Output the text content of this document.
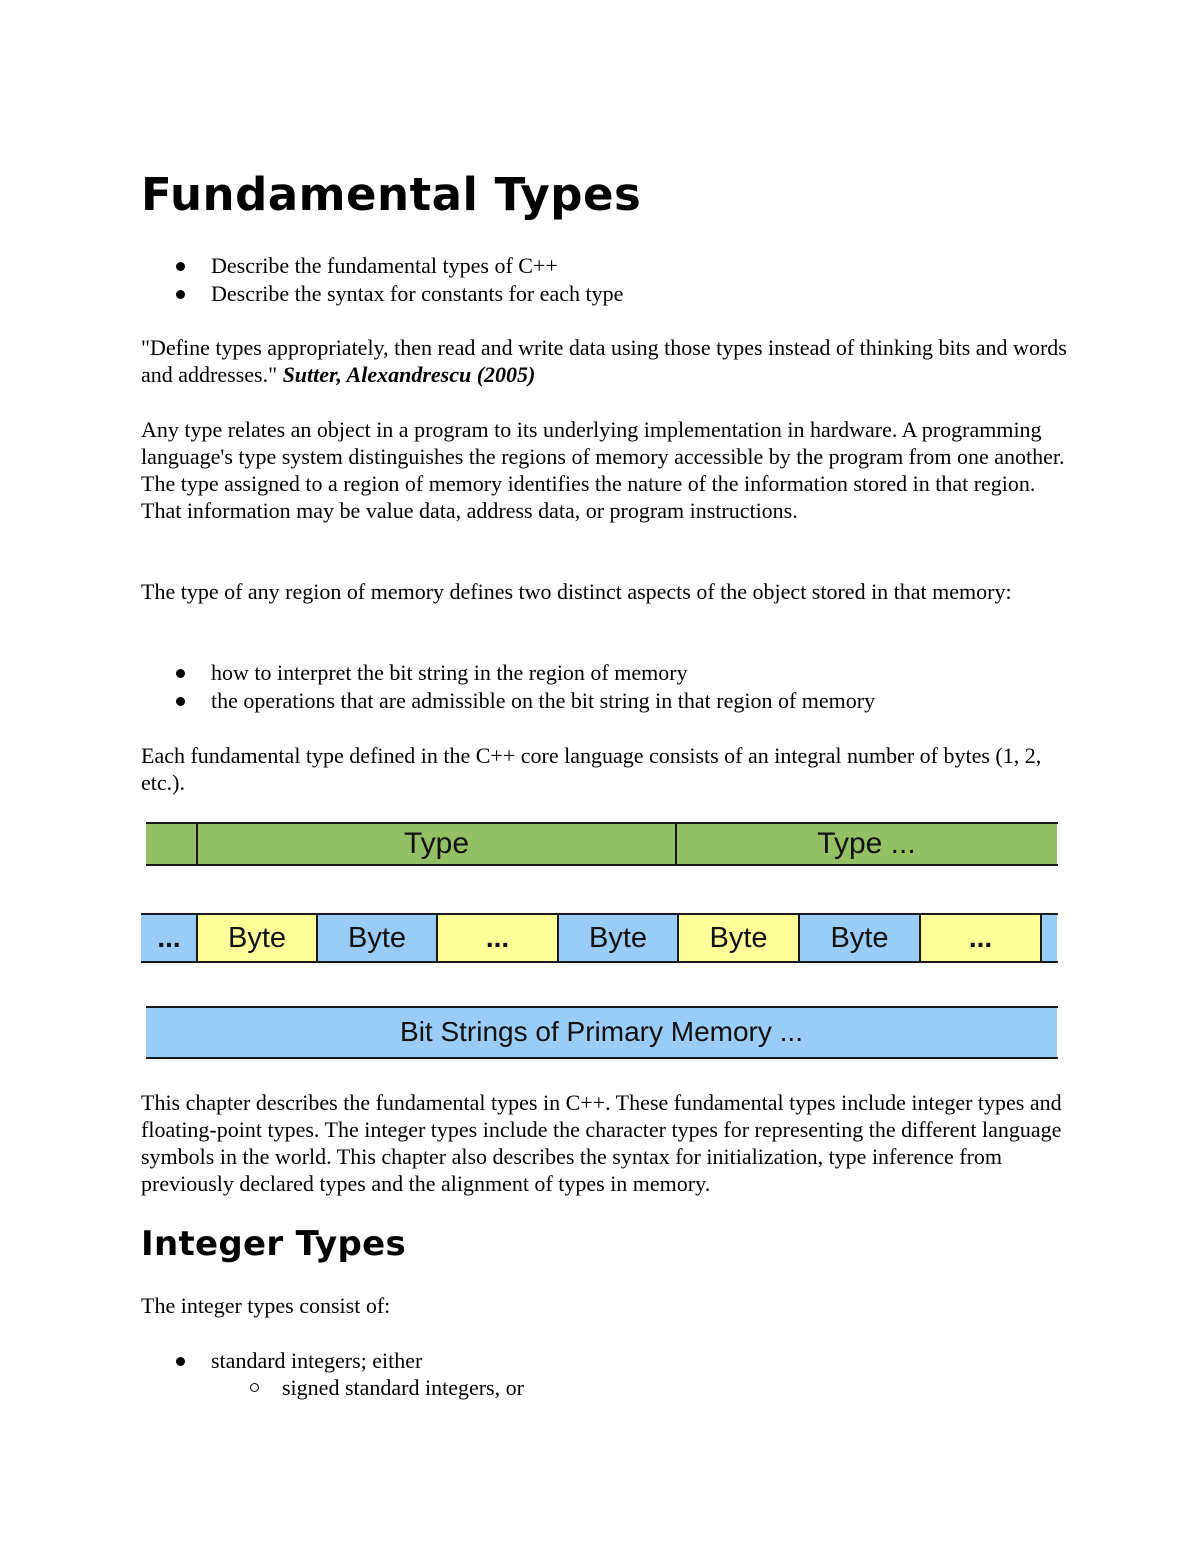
Fundamental Types
Describe the fundamental types of C++
Describe the syntax for constants for each type

"Define types appropriately, then read and write data using those types instead of thinking bits and words and addresses." Sutter, Alexandrescu (2005)

Any type relates an object in a program to its underlying implementation in hardware. A programming language's type system distinguishes the regions of memory accessible by the program from one another. The type assigned to a region of memory identifies the nature of the information stored in that region. That information may be value data, address data, or program instructions.

The type of any region of memory defines two distinct aspects of the object stored in that memory:

how to interpret the bit string in the region of memory
the operations that are admissible on the bit string in that region of memory

Each fundamental type defined in the C++ core language consists of an integral number of bytes (1, 2, etc.).

Type	Type ...
...	Byte	Byte	...	Byte	Byte	Byte	...
Bit Strings of Primary Memory ...

This chapter describes the fundamental types in C++. These fundamental types include integer types and floating-point types. The integer types include the character types for representing the different language symbols in the world. This chapter also describes the syntax for initialization, type inference from previously declared types and the alignment of types in memory.

Integer Types

The integer types consist of:

standard integers; either
signed standard integers, or
